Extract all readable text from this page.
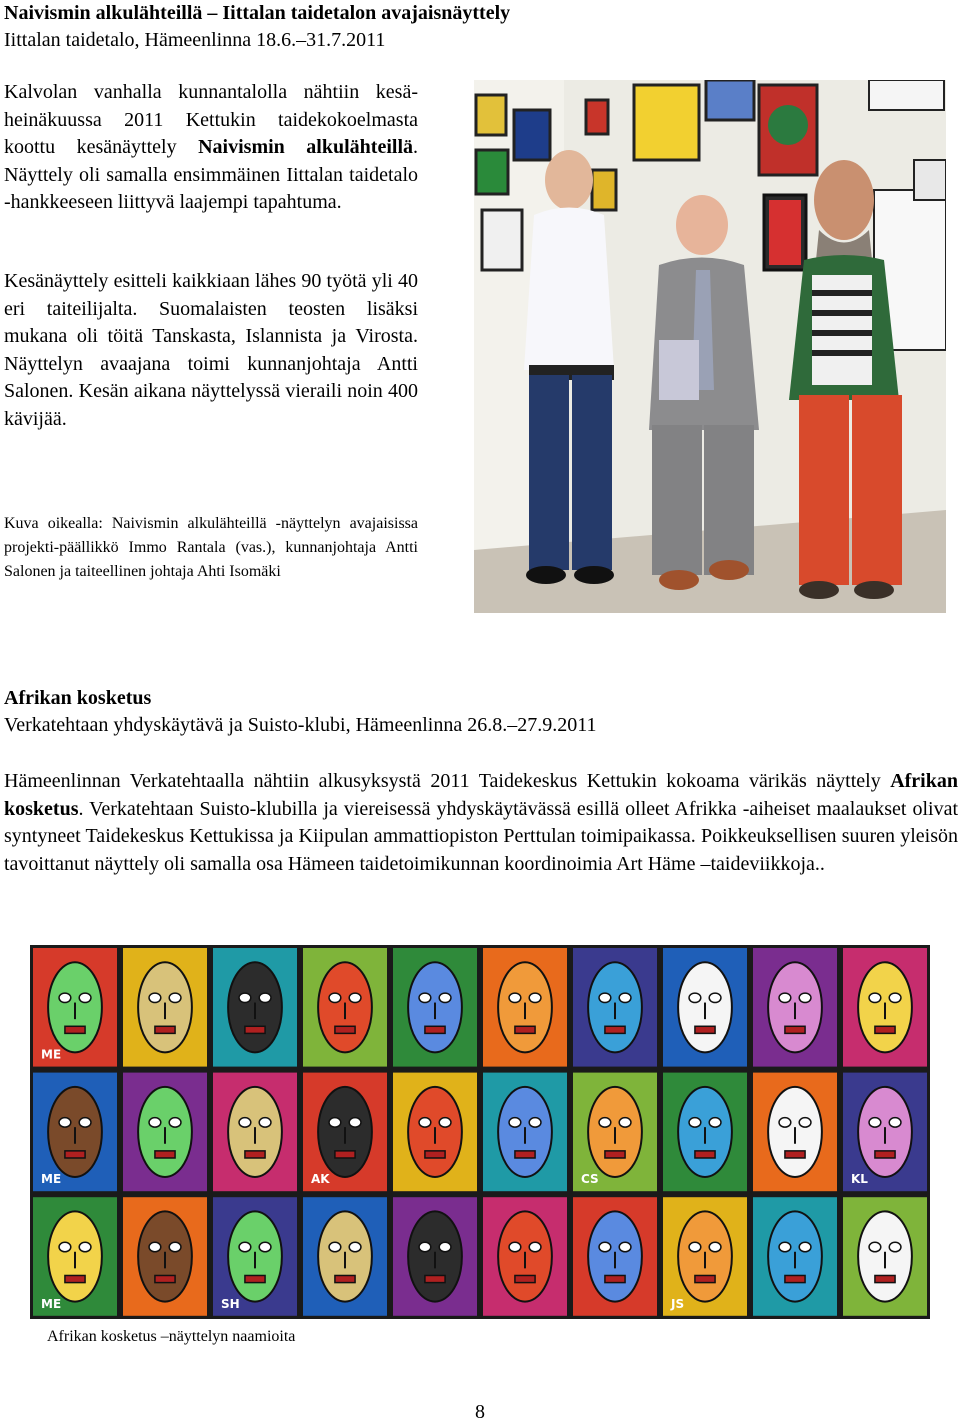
Naivismin alkulähteillä – Iittalan taidetalon avajaisnäyttely
Iittalan taidetalo, Hämeenlinna 18.6.–31.7.2011
Kalvolan vanhalla kunnantalolla nähtiin kesä-heinäkuussa 2011 Kettukin taidekokoelmasta koottu kesänäyttely Naivismin alkulähteillä. Näyttely oli samalla ensimmäinen Iittalan taidetalo -hankkeeseen liittyvä laajempi tapahtuma.
Kesänäyttely esitteli kaikkiaan lähes 90 työtä yli 40 eri taiteilijalta. Suomalaisten teosten lisäksi mukana oli töitä Tanskasta, Islannista ja Virosta. Näyttelyn avaajana toimi kunnanjohtaja Antti Salonen. Kesän aikana näyttelyssä vieraili noin 400 kävijää.
Kuva oikealla: Naivismin alkulähteillä -näyttelyn avajaisissa projekti-päällikkö Immo Rantala (vas.), kunnanjohtaja Antti Salonen ja taiteellinen johtaja Ahti Isomäki
Afrikan kosketus
Verkatehtaan yhdyskäytävä ja Suisto-klubi, Hämeenlinna 26.8.–27.9.2011
Hämeenlinnan Verkatehtaalla nähtiin alkusyksystä 2011 Taidekeskus Kettukin kokoama värikäs näyttely Afrikan kosketus. Verkatehtaan Suisto-klubilla ja viereisessä yhdyskäytävässä esillä olleet Afrikka -aiheiset maalaukset olivat syntyneet Taidekeskus Kettukissa ja Kiipulan ammattiopiston Perttulan toimipaikassa. Poikkeuksellisen suuren yleisön tavoittanut näyttely oli samalla osa Hämeen taidetoimikunnan koordinoimia Art Häme –taideviikkoja..
ME
ME	AK	CS	KL
ME	SH	JS
Afrikan kosketus –näyttelyn naamioita
8
